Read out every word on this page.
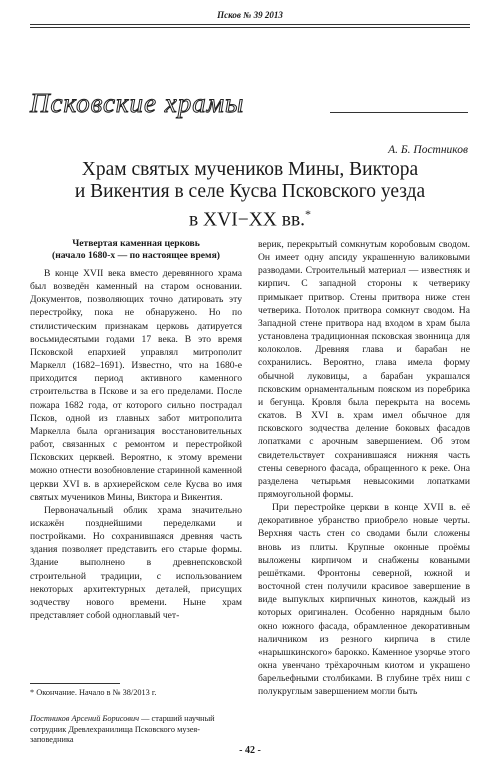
Псков № 39 2013
Псковские храмы
А. Б. Постников
Храм святых мучеников Мины, Виктора
и Викентия в селе Кусва Псковского уезда
в XVI−XX вв.*
Четвертая каменная церковь
(начало 1680-х — по настоящее время)

В конце XVII века вместо деревянного храма был возведён каменный на старом основании. Документов, позволяющих точно датировать эту перестройку, пока не обнаружено. Но по стилистическим признакам церковь датируется восьмидесятыми годами 17 века. В это время Псковской епархией управлял митрополит Маркелл (1682–1691). Известно, что на 1680-е приходится период активного каменного строительства в Пскове и за его пределами. После пожара 1682 года, от которого сильно пострадал Псков, одной из главных забот митрополита Маркелла была организация восстановительных работ, связанных с ремонтом и перестройкой Псковских церквей. Вероятно, к этому времени можно отнести возобновление старинной каменной церкви XVI в. в архиерейском селе Кусва во имя святых мучеников Мины, Виктора и Викентия.

Первоначальный облик храма значительно искажён позднейшими переделками и постройками. Но сохранившаяся древняя часть здания позволяет представить его старые формы. Здание выполнено в древнепсковской строительной традиции, с использованием некоторых архитектурных деталей, присущих зодчеству нового времени. Ныне храм представляет собой одноглавый чет-

верик, перекрытый сомкнутым коробовым сводом. Он имеет одну апсиду украшенную валиковыми разводами. Строительный материал — известняк и кирпич. С западной стороны к четверику примыкает притвор. Стены притвора ниже стен четверика. Потолок притвора сомкнут сводом. На Западной стене притвора над входом в храм была установлена традиционная псковская звонница для колоколов. Древняя глава и барабан не сохранились. Вероятно, глава имела форму обычной луковицы, а барабан украшался псковским орнаментальным пояском из поребрика и бегунца. Кровля была перекрыта на восемь скатов. В XVI в. храм имел обычное для псковского зодчества деление боковых фасадов лопатками с арочным завершением. Об этом свидетельствует сохранившаяся нижняя часть стены северного фасада, обращенного к реке. Она разделена четырьмя невысокими лопатками прямоугольной формы.

При перестройке церкви в конце XVII в. её декоративное убранство приобрело новые черты. Верхняя часть стен со сводами были сложены вновь из плиты. Крупные оконные проёмы выложены кирпичом и снабжены коваными решётками. Фронтоны северной, южной и восточной стен получили красивое завершение в виде выпуклых кирпичных кинотов, каждый из которых оригинален. Особенно нарядным было окно южного фасада, обрамленное декоративным наличником из резного кирпича в стиле «нарышкинского» барокко. Каменное узорчье этого окна увенчано трёхарочным киотом и украшено барельефными столбиками. В глубине трёх ниш с полукруглым завершением могли быть

* Окончание. Начало в № 38/2013 г.
Постников Арсений Борисович — старший научный сотрудник Древлехранилища Псковского музея-заповедника
- 42 -
